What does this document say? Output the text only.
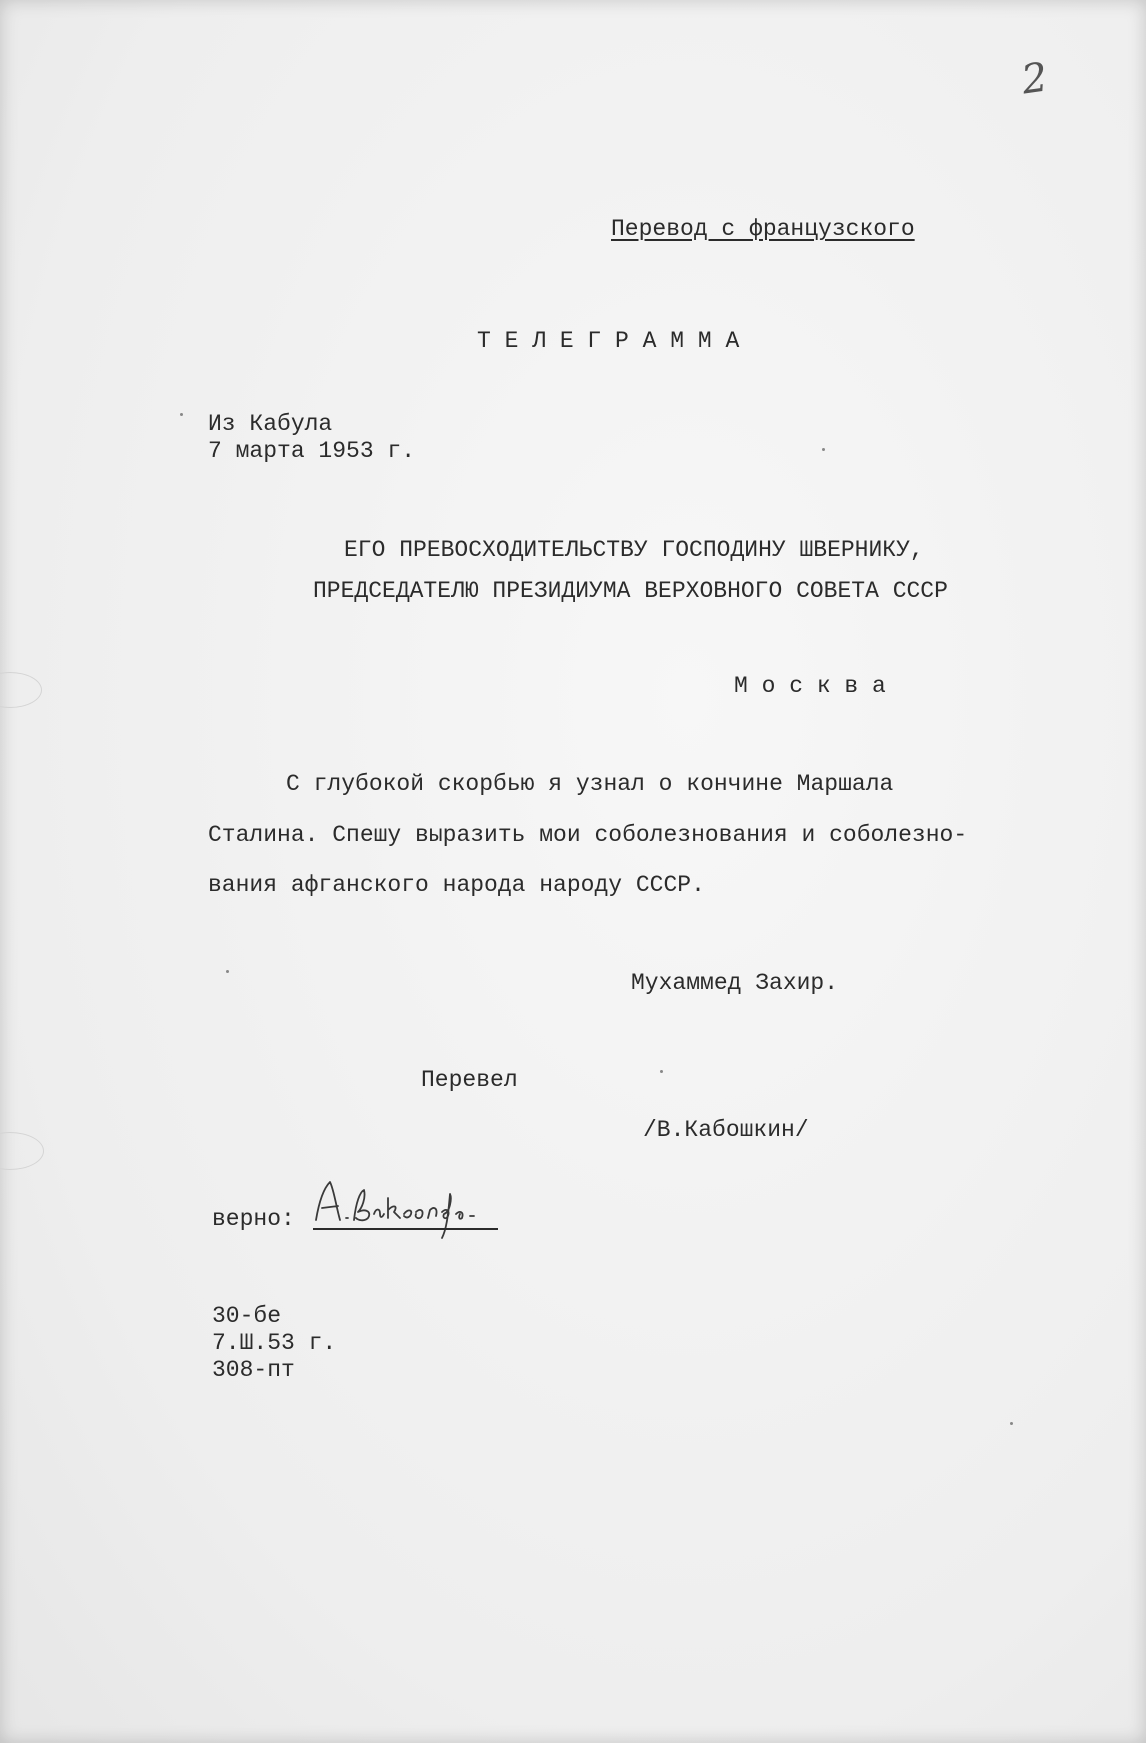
2
Перевод с французского
Т Е Л Е Г Р А М М А
Из Кабула
7 марта 1953 г.
ЕГО ПРЕВОСХОДИТЕЛЬСТВУ ГОСПОДИНУ ШВЕРНИКУ,
ПРЕДСЕДАТЕЛЮ ПРЕЗИДИУМА ВЕРХОВНОГО СОВЕТА СССР
М о с к в а
С глубокой скорбью я узнал о кончине Маршала
Сталина. Спешу выразить мои соболезнования и соболезно-
вания афганского народа народу СССР.
Мухаммед Захир.
Перевел
/В.Кабошкин/
верно:
30-бе
7.Ш.53 г.
308-пт
